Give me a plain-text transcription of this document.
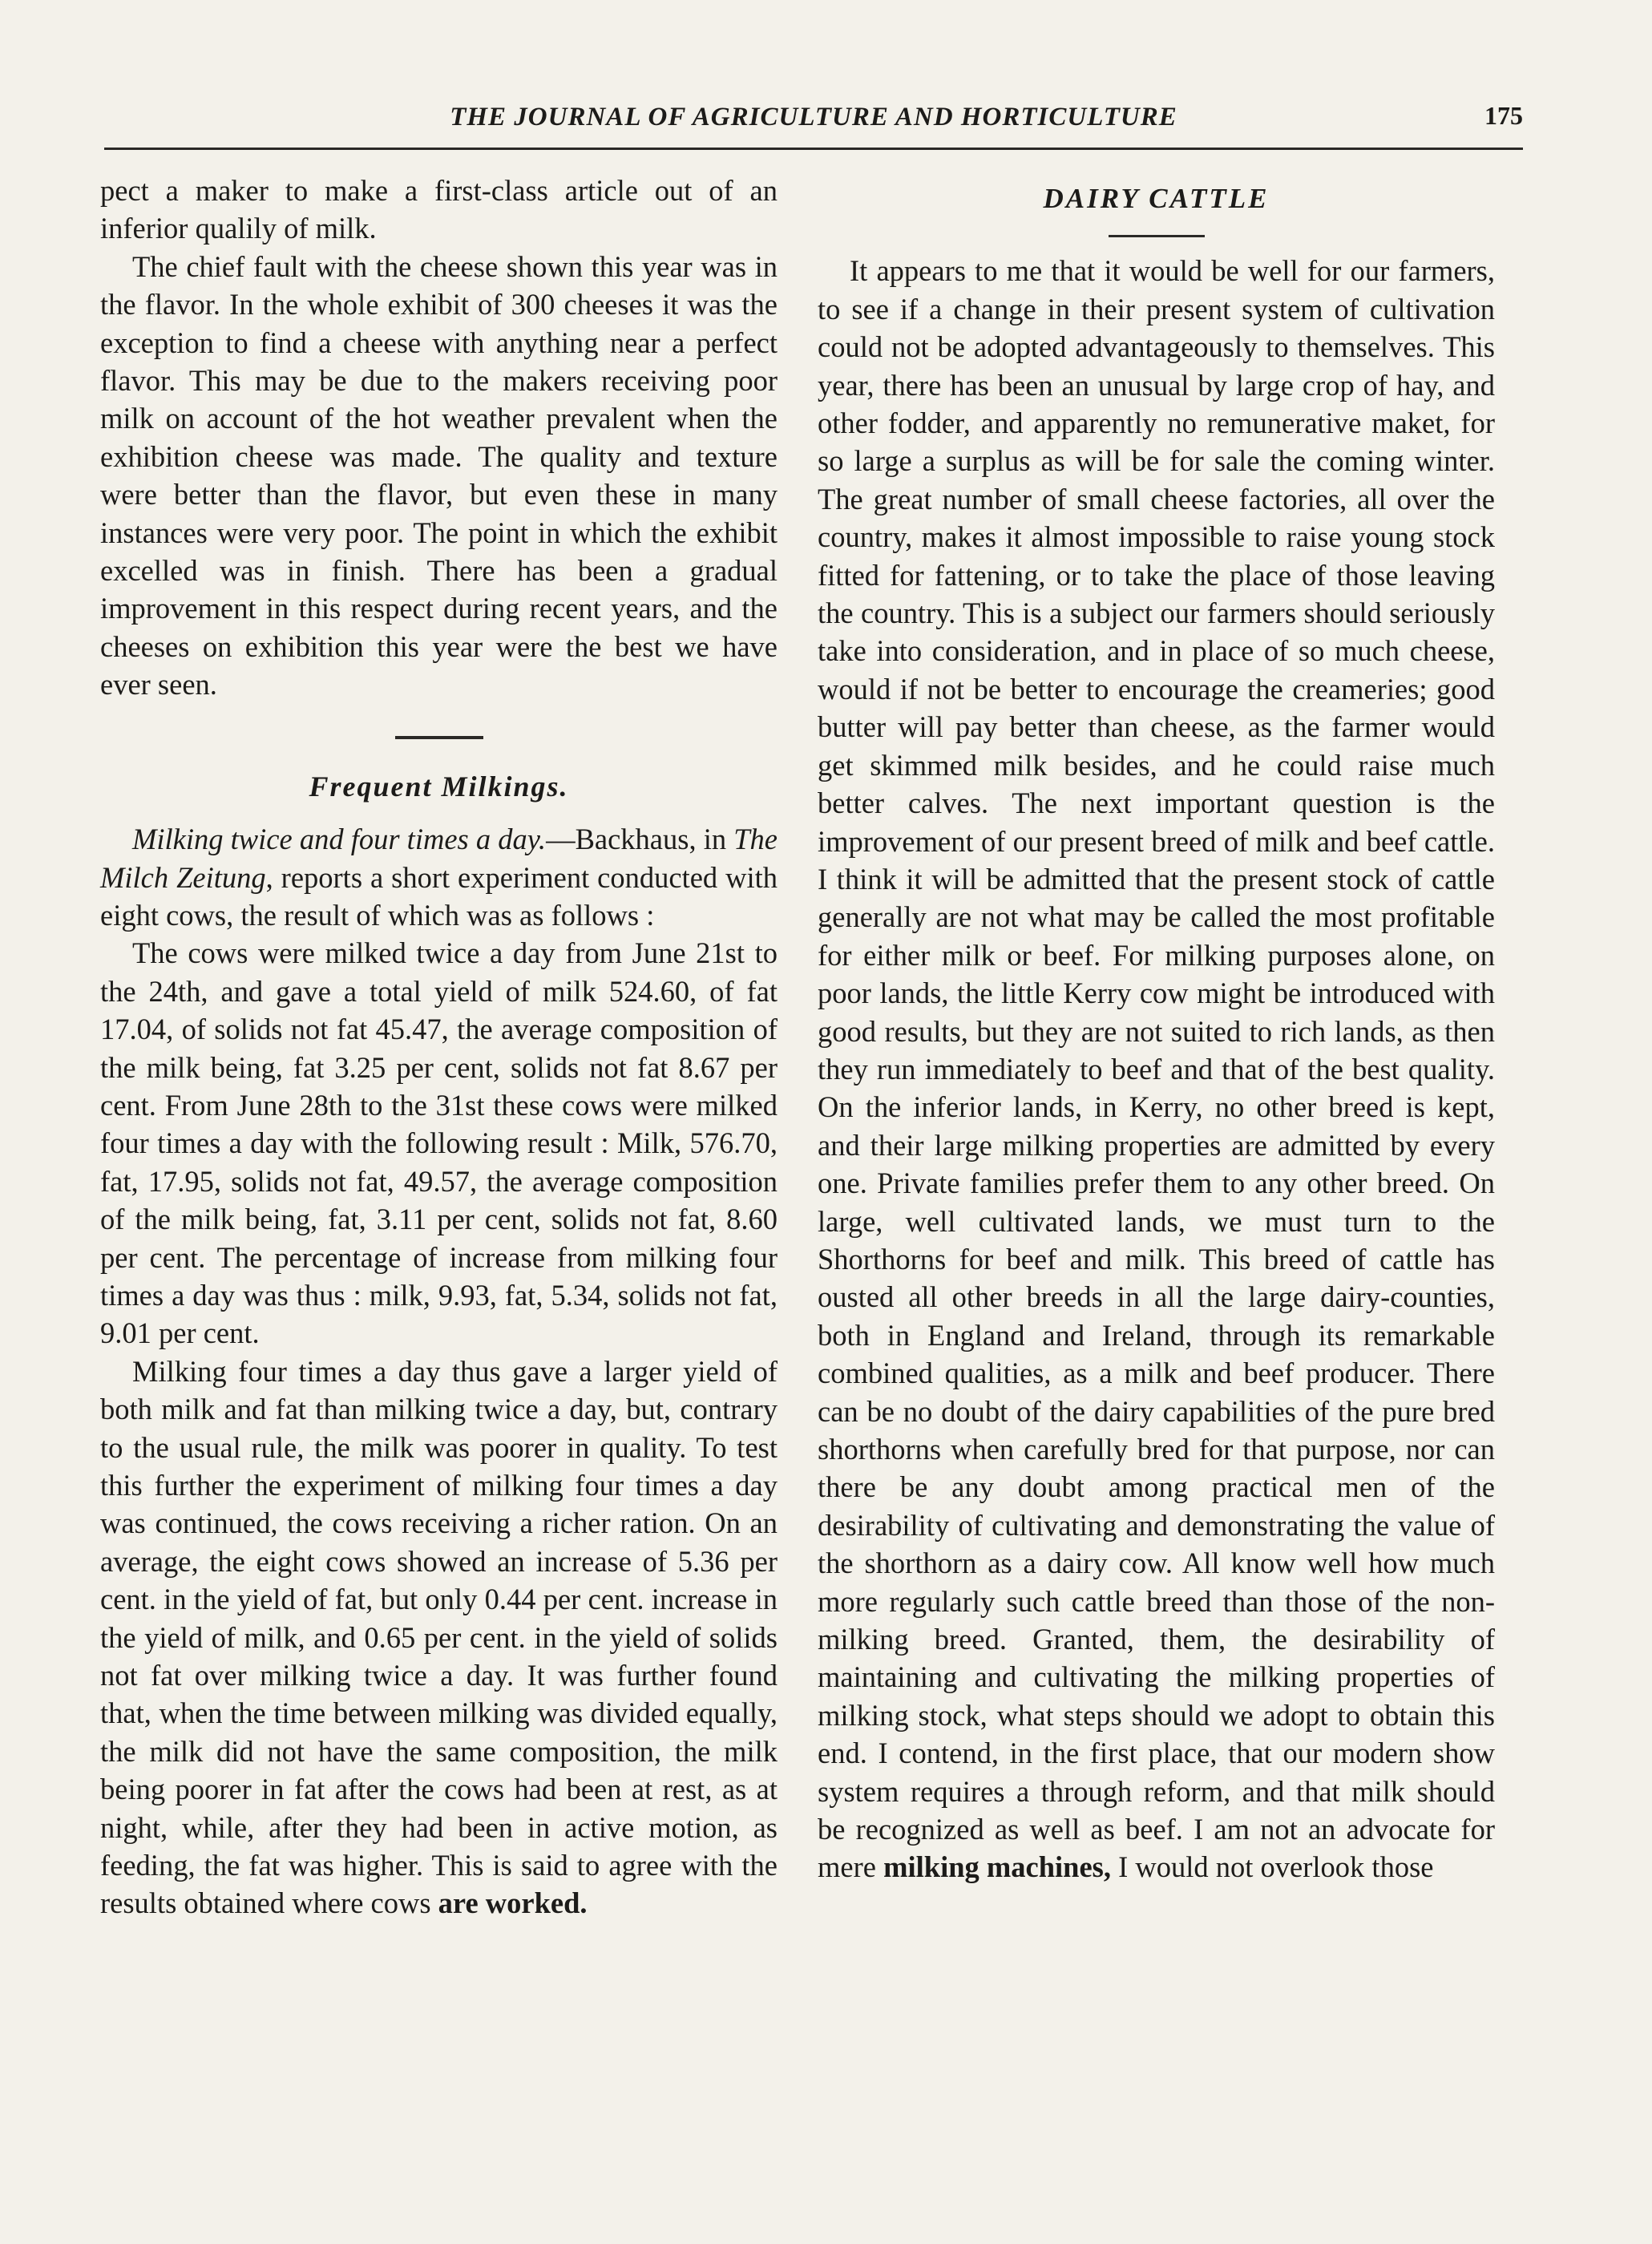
THE JOURNAL OF AGRICULTURE AND HORTICULTURE	175

pect a maker to make a first-class article out of an inferior qualily of milk.

The chief fault with the cheese shown this year was in the flavor. In the whole exhibit of 300 cheeses it was the exception to find a cheese with anything near a perfect flavor. This may be due to the makers receiving poor milk on account of the hot weather prevalent when the exhibition cheese was made. The quality and texture were better than the flavor, but even these in many instances were very poor. The point in which the exhibit excelled was in finish. There has been a gradual improvement in this respect during recent years, and the cheeses on exhibition this year were the best we have ever seen.

Frequent Milkings.

Milking twice and four times a day.—Backhaus, in The Milch Zeitung, reports a short experiment conducted with eight cows, the result of which was as follows :

The cows were milked twice a day from June 21st to the 24th, and gave a total yield of milk 524.60, of fat 17.04, of solids not fat 45.47, the average composition of the milk being, fat 3.25 per cent, solids not fat 8.67 per cent. From June 28th to the 31st these cows were milked four times a day with the following result : Milk, 576.70, fat, 17.95, solids not fat, 49.57, the average composition of the milk being, fat, 3.11 per cent, solids not fat, 8.60 per cent. The percentage of increase from milking four times a day was thus : milk, 9.93, fat, 5.34, solids not fat, 9.01 per cent.

Milking four times a day thus gave a larger yield of both milk and fat than milking twice a day, but, contrary to the usual rule, the milk was poorer in quality. To test this further the experiment of milking four times a day was continued, the cows receiving a richer ration. On an average, the eight cows showed an increase of 5.36 per cent. in the yield of fat, but only 0.44 per cent. increase in the yield of milk, and 0.65 per cent. in the yield of solids not fat over milking twice a day. It was further found that, when the time between milking was divided equally, the milk did not have the same composition, the milk being poorer in fat after the cows had been at rest, as at night, while, after they had been in active motion, as feeding, the fat was higher. This is said to agree with the results obtained where cows are worked.

DAIRY CATTLE

It appears to me that it would be well for our farmers, to see if a change in their present system of cultivation could not be adopted advantageously to themselves. This year, there has been an unusual by large crop of hay, and other fodder, and apparently no remunerative maket, for so large a surplus as will be for sale the coming winter. The great number of small cheese factories, all over the country, makes it almost impossible to raise young stock fitted for fattening, or to take the place of those leaving the country. This is a subject our farmers should seriously take into consideration, and in place of so much cheese, would if not be better to encourage the creameries; good butter will pay better than cheese, as the farmer would get skimmed milk besides, and he could raise much better calves. The next important question is the improvement of our present breed of milk and beef cattle. I think it will be admitted that the present stock of cattle generally are not what may be called the most profitable for either milk or beef. For milking purposes alone, on poor lands, the little Kerry cow might be introduced with good results, but they are not suited to rich lands, as then they run immediately to beef and that of the best quality. On the inferior lands, in Kerry, no other breed is kept, and their large milking properties are admitted by every one. Private families prefer them to any other breed. On large, well cultivated lands, we must turn to the Shorthorns for beef and milk. This breed of cattle has ousted all other breeds in all the large dairy-counties, both in England and Ireland, through its remarkable combined qualities, as a milk and beef producer. There can be no doubt of the dairy capabilities of the pure bred shorthorns when carefully bred for that purpose, nor can there be any doubt among practical men of the desirability of cultivating and demonstrating the value of the shorthorn as a dairy cow. All know well how much more regularly such cattle breed than those of the non-milking breed. Granted, them, the desirability of maintaining and cultivating the milking properties of milking stock, what steps should we adopt to obtain this end. I contend, in the first place, that our modern show system requires a through reform, and that milk should be recognized as well as beef. I am not an advocate for mere milking machines, I would not overlook those
